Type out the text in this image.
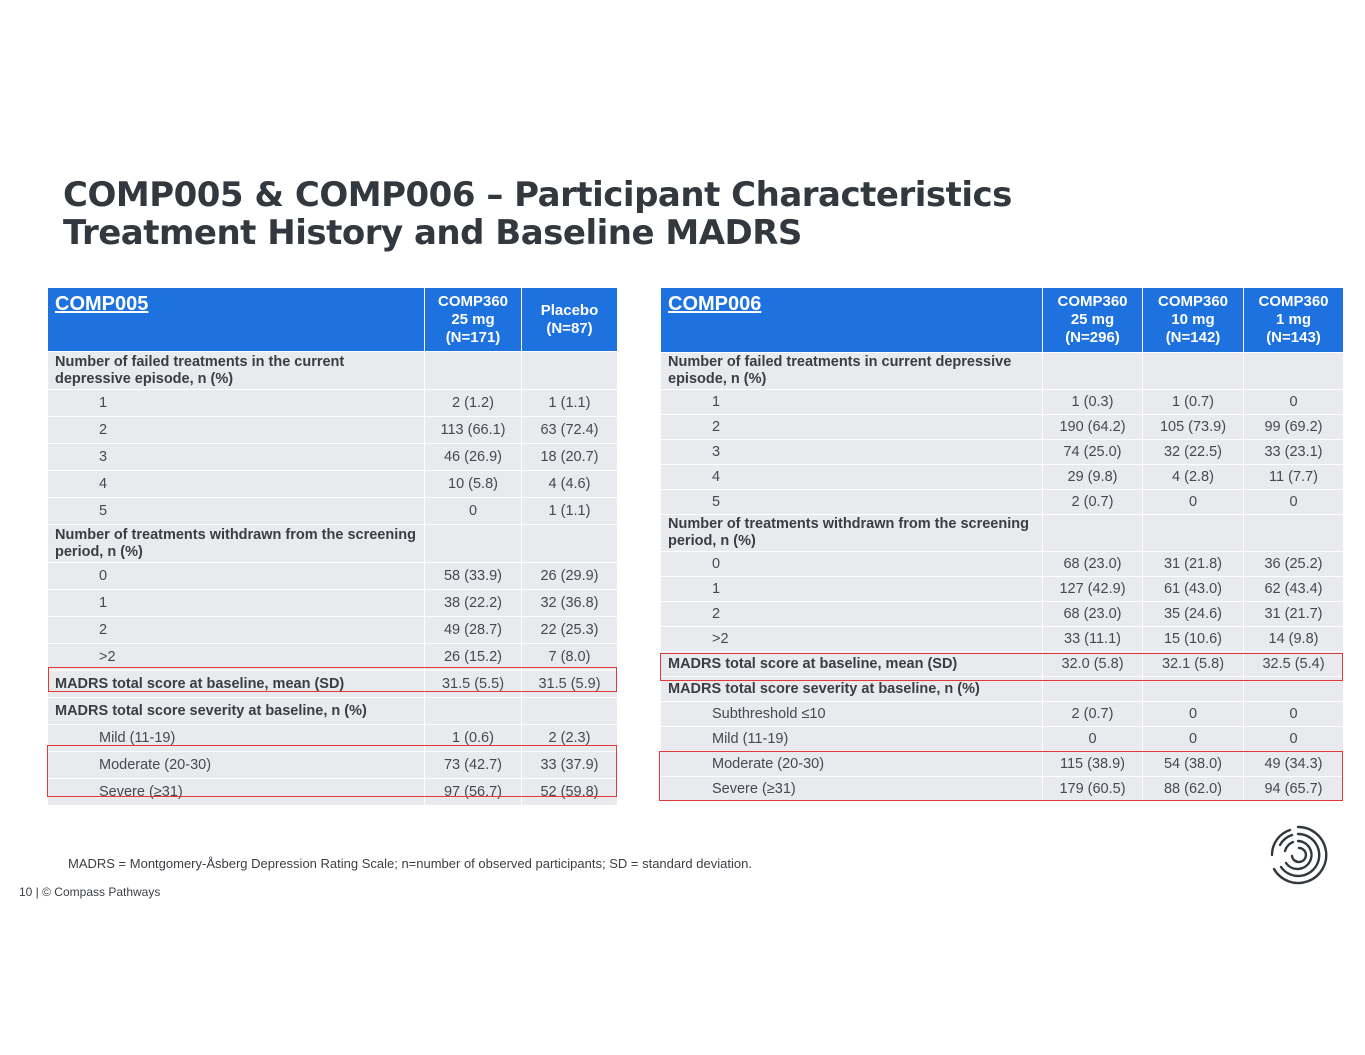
COMP005 & COMP006 – Participant Characteristics
Treatment History and Baseline MADRS
COMP005	COMP360
25 mg
(N=171)	Placebo
(N=87)
Number of failed treatments in the current depressive episode, n (%)		
1	2 (1.2)	1 (1.1)
2	113 (66.1)	63 (72.4)
3	46 (26.9)	18 (20.7)
4	10 (5.8)	4 (4.6)
5	0	1 (1.1)
Number of treatments withdrawn from the screening period, n (%)		
0	58 (33.9)	26 (29.9)
1	38 (22.2)	32 (36.8)
2	49 (28.7)	22 (25.3)
>2	26 (15.2)	7 (8.0)
MADRS total score at baseline, mean (SD)	31.5 (5.5)	31.5 (5.9)
MADRS total score severity at baseline, n (%)		
Mild (11-19)	1 (0.6)	2 (2.3)
Moderate (20-30)	73 (42.7)	33 (37.9)
Severe (≥31)	97 (56.7)	52 (59.8)
COMP006	COMP360
25 mg
(N=296)	COMP360
10 mg
(N=142)	COMP360
1 mg
(N=143)
Number of failed treatments in current depressive episode, n (%)			
1	1 (0.3)	1 (0.7)	0
2	190 (64.2)	105 (73.9)	99 (69.2)
3	74 (25.0)	32 (22.5)	33 (23.1)
4	29 (9.8)	4 (2.8)	11 (7.7)
5	2 (0.7)	0	0
Number of treatments withdrawn from the screening period, n (%)			
0	68 (23.0)	31 (21.8)	36 (25.2)
1	127 (42.9)	61 (43.0)	62 (43.4)
2	68 (23.0)	35 (24.6)	31 (21.7)
>2	33 (11.1)	15 (10.6)	14 (9.8)
MADRS total score at baseline, mean (SD)	32.0 (5.8)	32.1 (5.8)	32.5 (5.4)
MADRS total score severity at baseline, n (%)			
Subthreshold ≤10	2 (0.7)	0	0
Mild (11-19)	0	0	0
Moderate (20-30)	115 (38.9)	54 (38.0)	49 (34.3)
Severe (≥31)	179 (60.5)	88 (62.0)	94 (65.7)
MADRS = Montgomery-Åsberg Depression Rating Scale; n=number of observed participants; SD = standard deviation.
10 | © Compass Pathways
